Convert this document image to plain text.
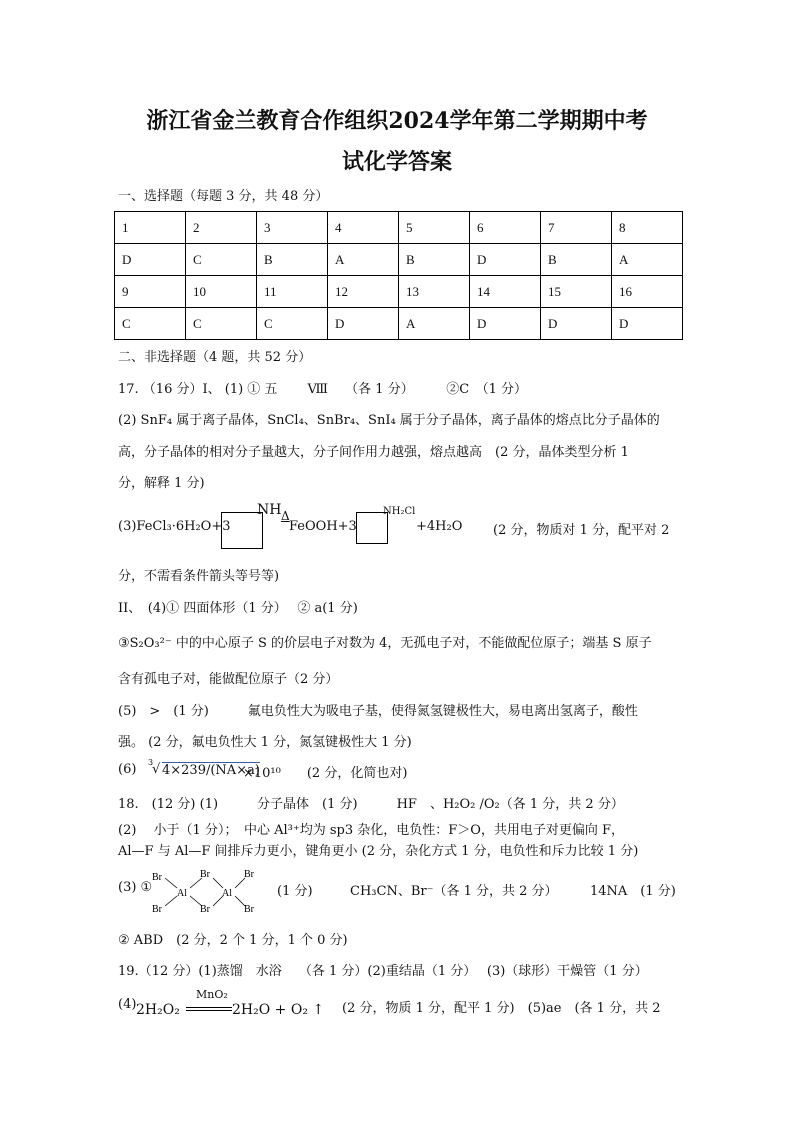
浙江省金兰教育合作组织2024学年第二学期期中考
试化学答案
一、选择题（每题 3 分，共 48 分）
1	2	3	4	5	6	7	8
D	C	B	A	B	D	B	A
9	10	11	12	13	14	15	16
C	C	C	D	A	D	D	D
二、非选择题（4 题，共 52 分）
17. （16 分）I、 (1) ① 五　　 Ⅷ　 （各 1 分）　　　②C　（1 分）
(2) SnF₄ 属于离子晶体，SnCl₄、SnBr₄、SnI₄ 属于分子晶体，离子晶体的熔点比分子晶体的
高，分子晶体的相对分子量越大，分子间作用力越强，熔点越高　(2 分，晶体类型分析 1
分，解释 1 分)
(3)FeCl₃·6H₂O+3
NH Δ
FeOOH+3
NH₂Cl
+4H₂O (2 分，物质对 1 分，配平对 2
分，不需看条件箭头等号等)
II、　(4)① 四面体形（1 分）　 ② a(1 分)
③S₂O₃²⁻ 中的中心原子 S 的价层电子对数为 4，无孤电子对，不能做配位原子；端基 S 原子
含有孤电子对，能做配位原子（2 分）
(5)　>　(1 分)　　　氟电负性大为吸电子基，使得氮氢键极性大，易电离出氢离子，酸性
强。 (2 分，氟电负性大 1 分，氮氢键极性大 1 分)
(6) 3
√ 4×239/(NA×a)
×10¹⁰　　(2 分，化简也对)
18.　(12 分) (1)　　　分子晶体　(1 分)　　　HF　、H₂O₂ /O₂（各 1 分，共 2 分）
(2)　 小于（1 分）；　中心 Al³⁺均为 sp3 杂化，电负性：F＞O，共用电子对更偏向 F，
Al—F 与 Al—F 间排斥力更小，键角更小 (2 分，杂化方式 1 分，电负性和斥力比较 1 分)
(3) ①
Br
Br
Br
Br
Br
Br
Al	Al	(1 分)	CH₃CN、Br⁻（各 1 分，共 2 分） 14NA　(1 分)
② ABD　(2 分，2 个 1 分，1 个 0 分)
19.（12 分）(1)蒸馏　水浴　 （各 1 分）(2)重结晶（1 分）　 (3)（球形）干燥管（1 分）
(4) 2H₂O₂
MnO₂
2H₂O + O₂ ↑ (2 分，物质 1 分，配平 1 分)　(5)ae　(各 1 分，共 2
